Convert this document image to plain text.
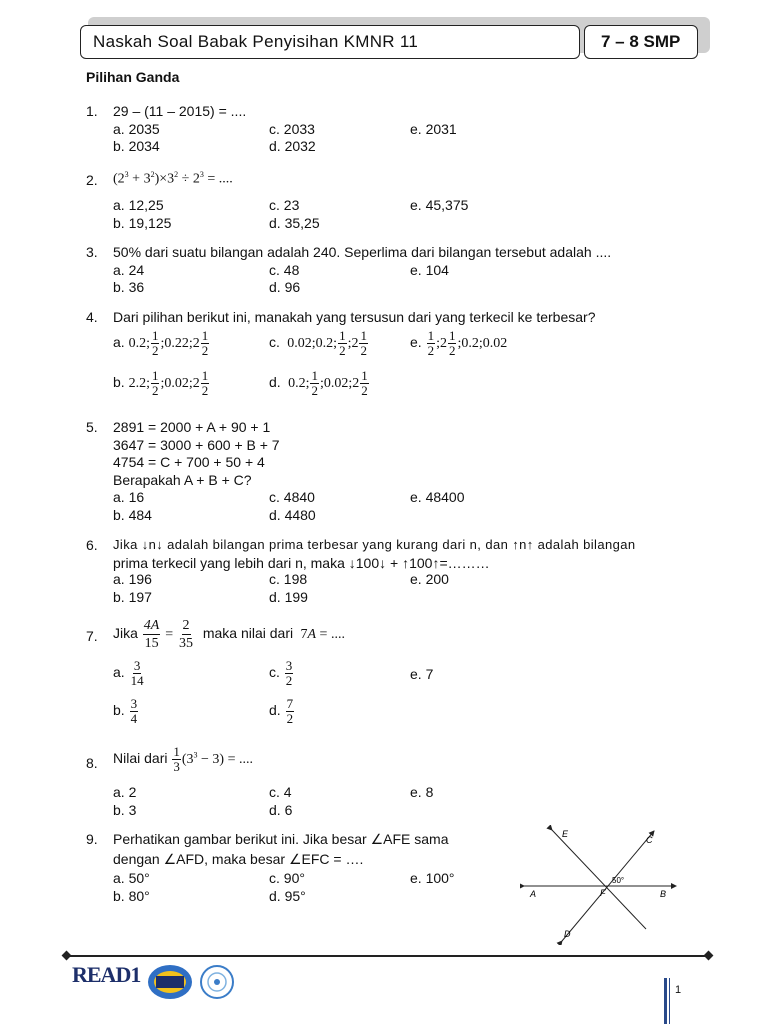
Naskah Soal Babak Penyisihan KMNR 11	7 – 8 SMP
Pilihan Ganda
1. 29 – (11 – 2015) = ....
a. 2035	c. 2033	e. 2031
b. 2034	d. 2032
2. $(2^3 + 3^2)\times 3^2 \div 2^3$ = ....
a. 12,25	c. 23	e. 45,375
b. 19,125	d. 35,25
3. 50% dari suatu bilangan adalah 240. Seperlima dari bilangan tersebut adalah ....
a. 24	c. 48	e. 104
b. 36	d. 96
4. Dari pilihan berikut ini, manakah yang tersusun dari yang terkecil ke terbesar?
a. 0.2; $\frac{1}{2}$ ;0.22;2 $\frac{1}{2}$	c.  0.02;0.2; $\frac{1}{2}$ ;2 $\frac{1}{2}$	e. $\frac{1}{2}$ ;2 $\frac{1}{2}$ ;0.2;0.02
b. 2.2; $\frac{1}{2}$ ;0.02;2 $\frac{1}{2}$	d.  0.2; $\frac{1}{2}$ ;0.02;2 $\frac{1}{2}$
5. 2891 = 2000 + A + 90 + 1
3647 = 3000 + 600 + B + 7
4754 = C + 700 + 50 + 4
Berapakah A + B + C?
a. 16	c. 4840	e. 48400
b. 484	d. 4480
6. Jika ↓n↓ adalah bilangan prima terbesar yang kurang dari n, dan ↑n↑ adalah bilangan
prima terkecil yang lebih dari n, maka ↓100↓ + ↑100↑=………
a. 196	c. 198	e. 200
b. 197	d. 199
7. Jika $\frac{4A}{15} = \frac{2}{35}$ maka nilai dari  7A = ....
a. $\frac{3}{14}$	c. $\frac{3}{2}$	e. 7
b. $\frac{3}{4}$	d. $\frac{7}{2}$
8. Nilai dari $\frac{1}{3} (3^3 - 3)$ = ....
a. 2	c. 4	e. 8
b. 3	d. 6
9. Perhatikan gambar berikut ini. Jika besar ∠AFE sama
dengan ∠AFD, maka besar ∠EFC = ….
a. 50°	c. 90°	e. 100°
b. 80°	d. 95°
E
C
A	F	B
D
50°
READ1
1
